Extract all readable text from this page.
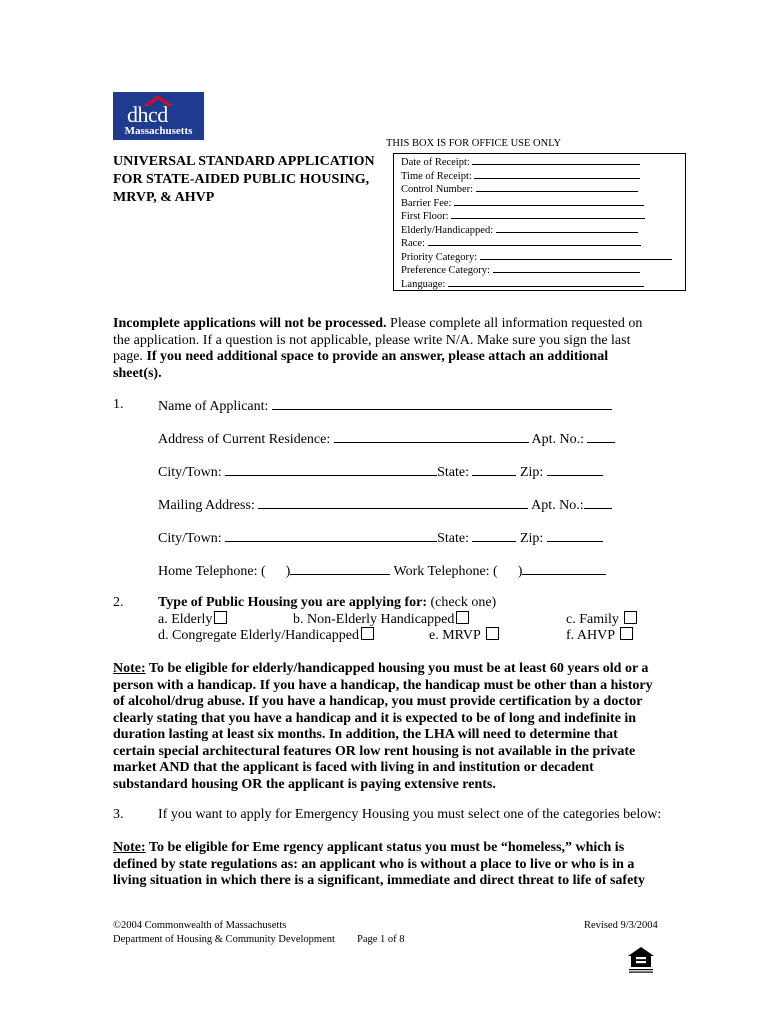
dhcd
Massachusetts
THIS BOX IS FOR OFFICE USE ONLY
UNIVERSAL STANDARD APPLICATION
FOR STATE-AIDED PUBLIC HOUSING,
MRVP, & AHVP
Date of Receipt:
Time of Receipt:
Control Number:
Barrier Fee:
First Floor:
Elderly/Handicapped:
Race:
Priority Category:
Preference Category:
Language:
Incomplete applications will not be processed. Please complete all information requested on the application. If a question is not applicable, please write N/A. Make sure you sign the last page. If you need additional space to provide an answer, please attach an additional sheet(s).
1. Name of Applicant:
Address of Current Residence:	Apt. No.:
City/Town:	State:	Zip:
Mailing Address:	Apt. No.:
City/Town:	State:	Zip:
Home Telephone: ( )	Work Telephone: ( )
2. Type of Public Housing you are applying for: (check one)
a. Elderly	b. Non-Elderly Handicapped	c. Family
d. Congregate Elderly/Handicapped	e. MRVP	f. AHVP
Note: To be eligible for elderly/handicapped housing you must be at least 60 years old or a person with a handicap. If you have a handicap, the handicap must be other than a history of alcohol/drug abuse. If you have a handicap, you must provide certification by a doctor clearly stating that you have a handicap and it is expected to be of long and indefinite in duration lasting at least six months. In addition, the LHA will need to determine that certain special architectural features OR low rent housing is not available in the private market AND that the applicant is faced with living in and institution or decadent substandard housing OR the applicant is paying extensive rents.
3. If you want to apply for Emergency Housing you must select one of the categories below:
Note: To be eligible for Eme rgency applicant status you must be “homeless,” which is defined by state regulations as: an applicant who is without a place to live or who is in a living situation in which there is a significant, immediate and direct threat to life of safety
©2004 Commonwealth of Massachusetts
Department of Housing & Community Development Page 1 of 8
Revised 9/3/2004
